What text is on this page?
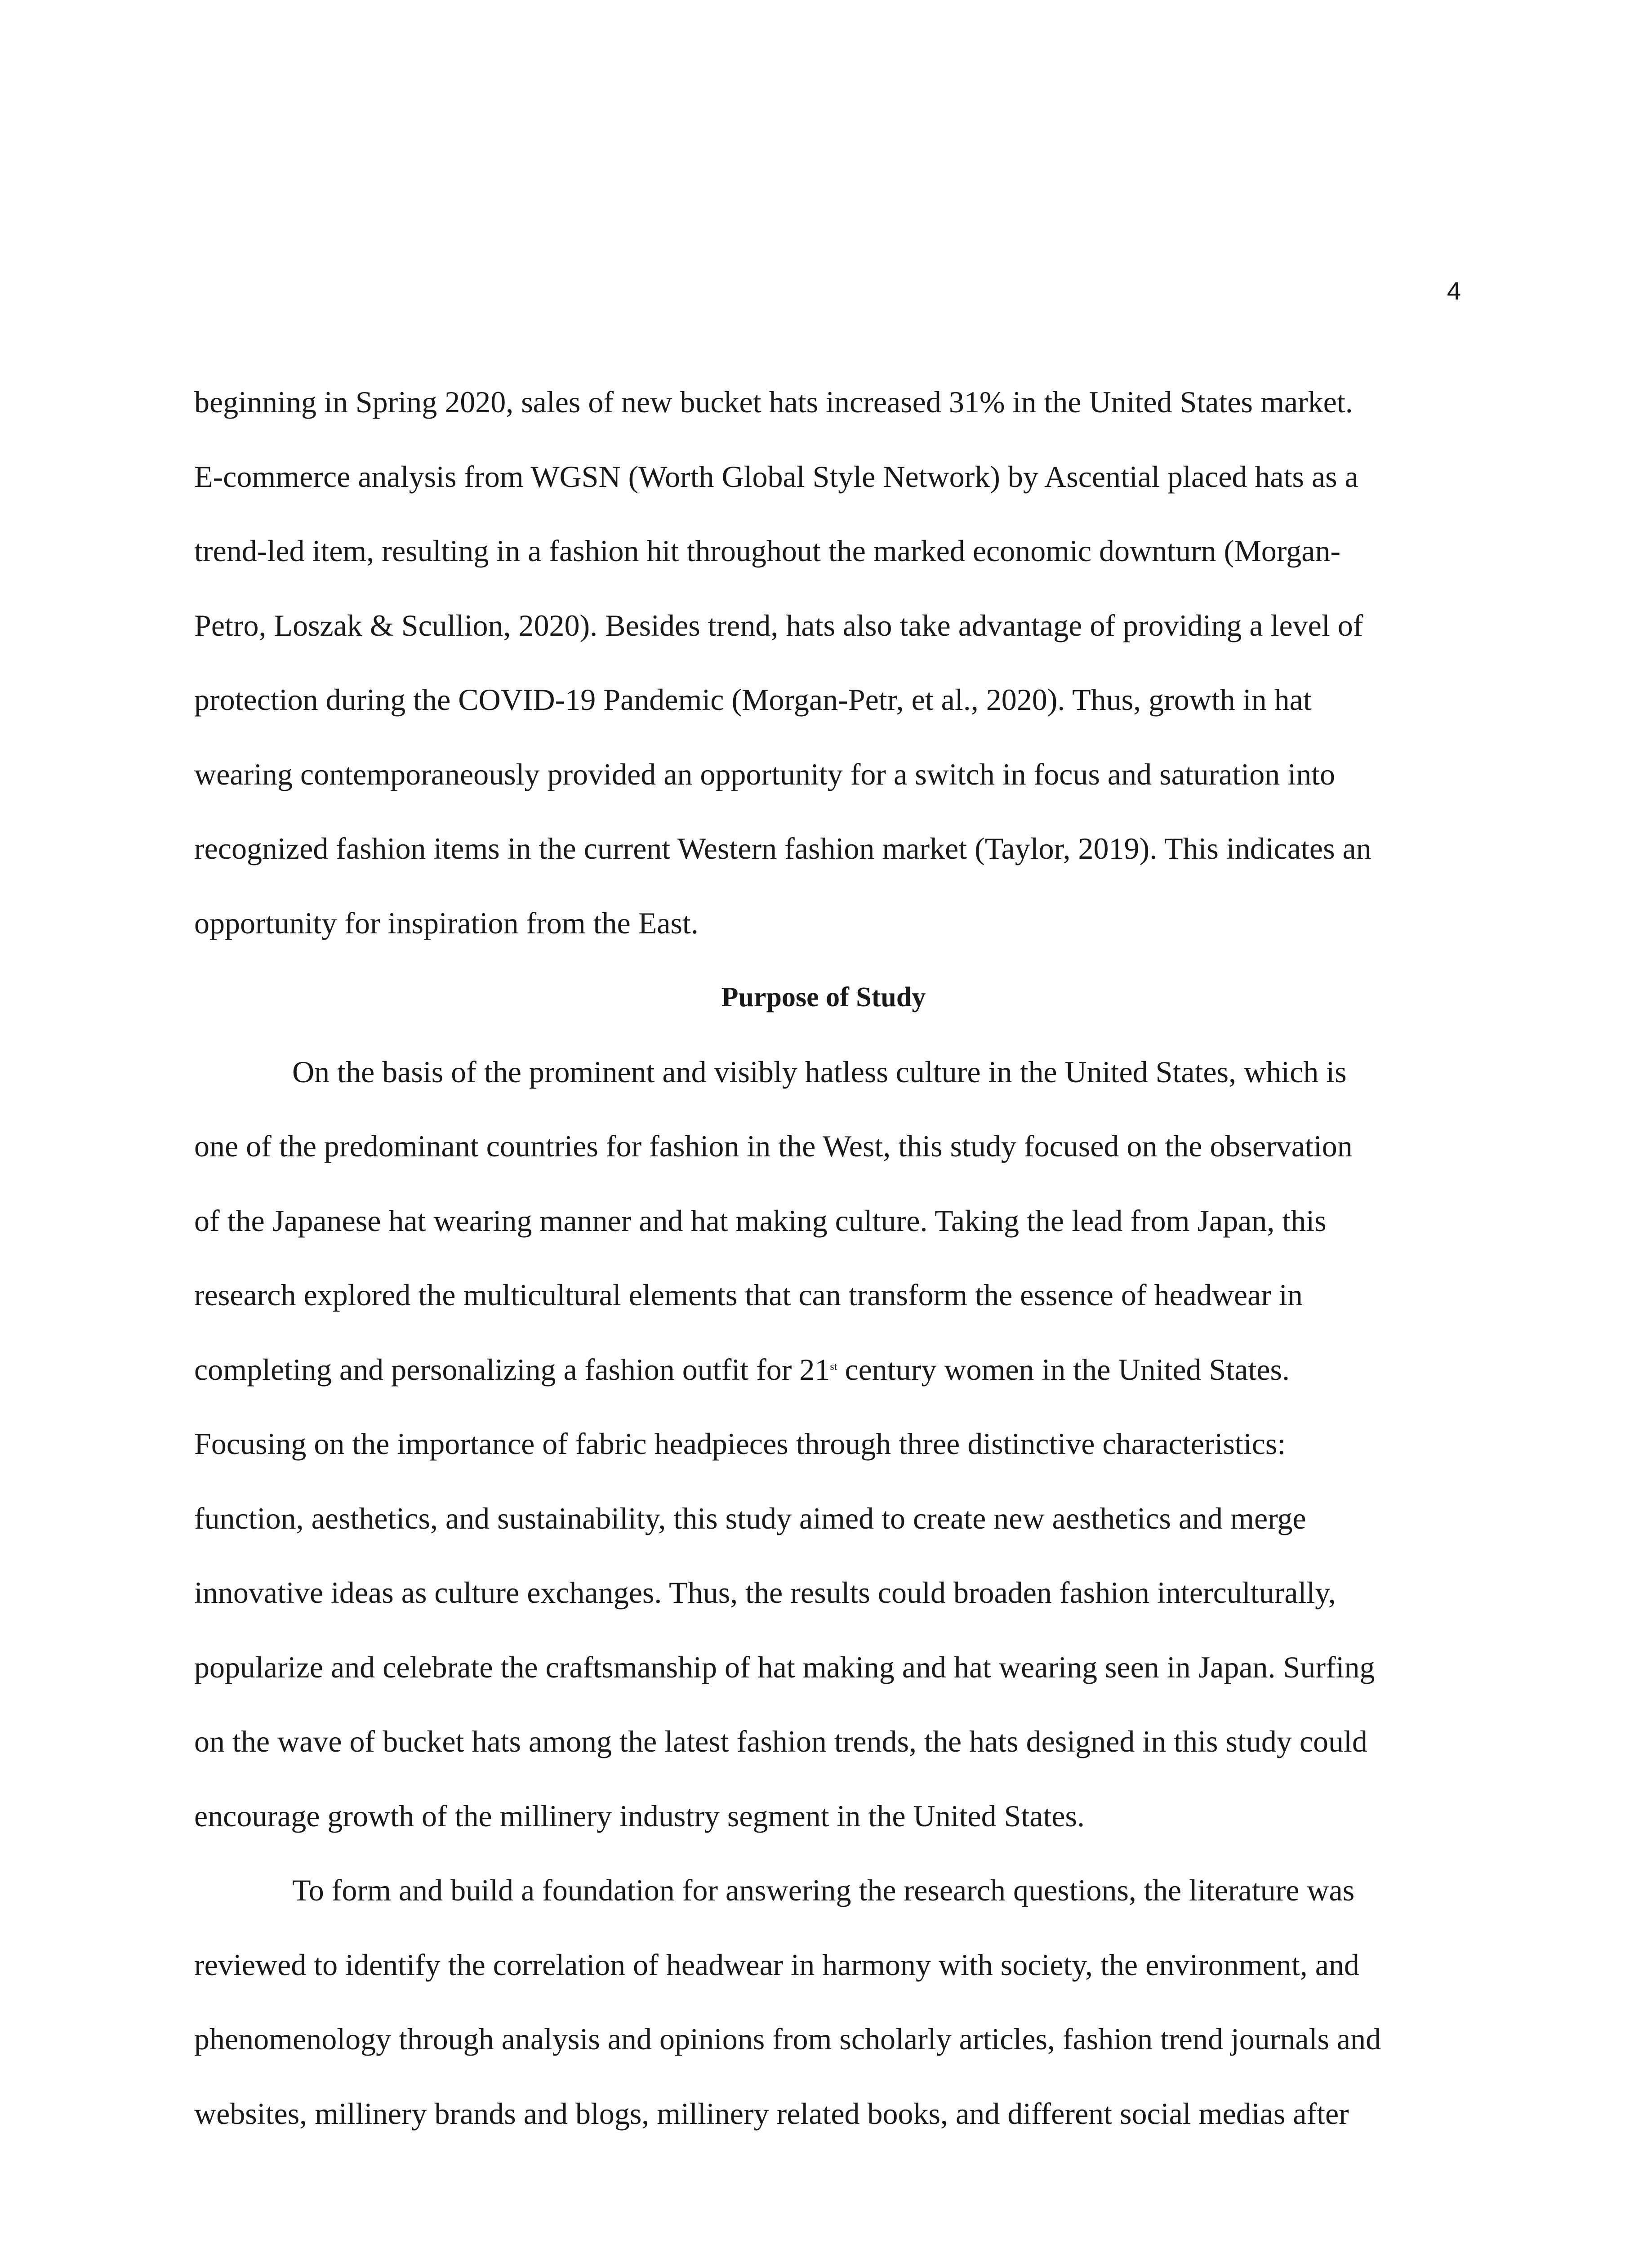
4
beginning in Spring 2020, sales of new bucket hats increased 31% in the United States market.
E-commerce analysis from WGSN (Worth Global Style Network) by Ascential placed hats as a
trend-led item, resulting in a fashion hit throughout the marked economic downturn (Morgan-
Petro, Loszak & Scullion, 2020). Besides trend, hats also take advantage of providing a level of
protection during the COVID-19 Pandemic (Morgan-Petr, et al., 2020). Thus, growth in hat
wearing contemporaneously provided an opportunity for a switch in focus and saturation into
recognized fashion items in the current Western fashion market (Taylor, 2019). This indicates an
opportunity for inspiration from the East.
Purpose of Study
On the basis of the prominent and visibly hatless culture in the United States, which is
one of the predominant countries for fashion in the West, this study focused on the observation
of the Japanese hat wearing manner and hat making culture. Taking the lead from Japan, this
research explored the multicultural elements that can transform the essence of headwear in
completing and personalizing a fashion outfit for 21st century women in the United States.
Focusing on the importance of fabric headpieces through three distinctive characteristics:
function, aesthetics, and sustainability, this study aimed to create new aesthetics and merge
innovative ideas as culture exchanges. Thus, the results could broaden fashion interculturally,
popularize and celebrate the craftsmanship of hat making and hat wearing seen in Japan. Surfing
on the wave of bucket hats among the latest fashion trends, the hats designed in this study could
encourage growth of the millinery industry segment in the United States.
To form and build a foundation for answering the research questions, the literature was
reviewed to identify the correlation of headwear in harmony with society, the environment, and
phenomenology through analysis and opinions from scholarly articles, fashion trend journals and
websites, millinery brands and blogs, millinery related books, and different social medias after
